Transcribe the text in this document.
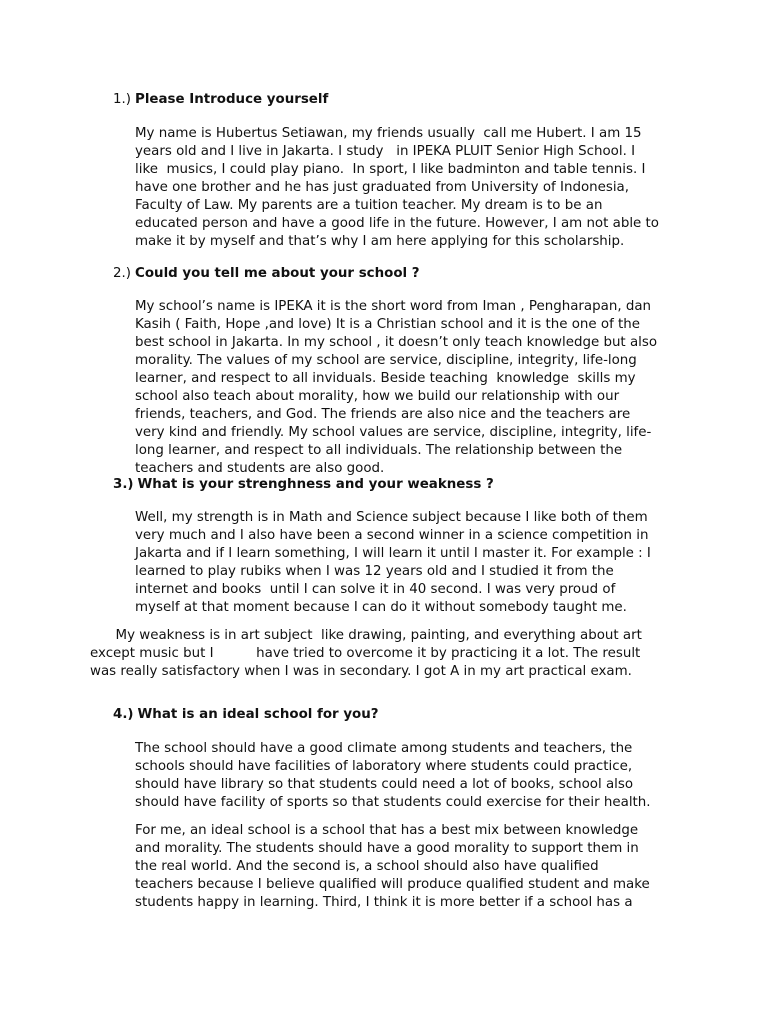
1.) Please Introduce yourself
My name is Hubertus Setiawan, my friends usually  call me Hubert. I am 15
years old and I live in Jakarta. I study   in IPEKA PLUIT Senior High School. I
like  musics, I could play piano.  In sport, I like badminton and table tennis. I
have one brother and he has just graduated from University of Indonesia,
Faculty of Law. My parents are a tuition teacher. My dream is to be an
educated person and have a good life in the future. However, I am not able to
make it by myself and that’s why I am here applying for this scholarship.
2.) Could you tell me about your school ?
My school’s name is IPEKA it is the short word from Iman , Pengharapan, dan
Kasih ( Faith, Hope ,and love) It is a Christian school and it is the one of the
best school in Jakarta. In my school , it doesn’t only teach knowledge but also
morality. The values of my school are service, discipline, integrity, life-long
learner, and respect to all inviduals. Beside teaching  knowledge  skills my
school also teach about morality, how we build our relationship with our
friends, teachers, and God. The friends are also nice and the teachers are
very kind and friendly. My school values are service, discipline, integrity, life-
long learner, and respect to all individuals. The relationship between the
teachers and students are also good.
3.) What is your strenghness and your weakness ?
Well, my strength is in Math and Science subject because I like both of them
very much and I also have been a second winner in a science competition in
Jakarta and if I learn something, I will learn it until I master it. For example : I
learned to play rubiks when I was 12 years old and I studied it from the
internet and books  until I can solve it in 40 second. I was very proud of
myself at that moment because I can do it without somebody taught me.
My weakness is in art subject  like drawing, painting, and everything about art
except music but I          have tried to overcome it by practicing it a lot. The result
was really satisfactory when I was in secondary. I got A in my art practical exam.
4.) What is an ideal school for you?
The school should have a good climate among students and teachers, the
schools should have facilities of laboratory where students could practice,
should have library so that students could need a lot of books, school also
should have facility of sports so that students could exercise for their health.
For me, an ideal school is a school that has a best mix between knowledge
and morality. The students should have a good morality to support them in
the real world. And the second is, a school should also have qualified
teachers because I believe qualified will produce qualified student and make
students happy in learning. Third, I think it is more better if a school has a
